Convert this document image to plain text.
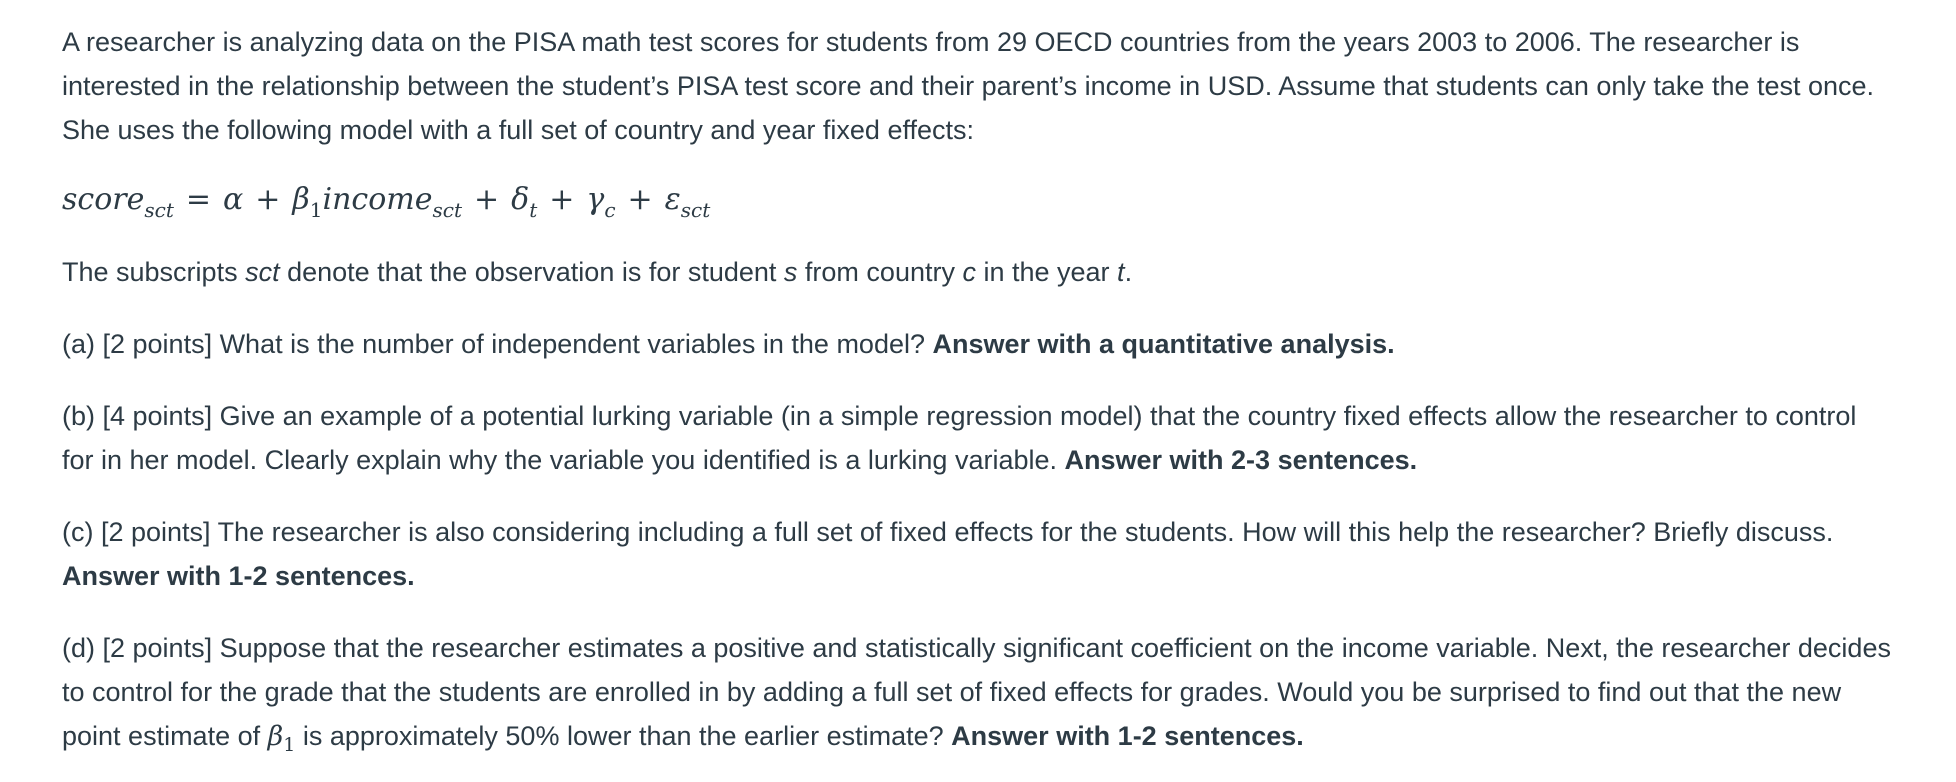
A researcher is analyzing data on the PISA math test scores for students from 29 OECD countries from the years 2003 to 2006. The researcher is interested in the relationship between the student’s PISA test score and their parent’s income in USD. Assume that students can only take the test once. She uses the following model with a full set of country and year fixed effects:

score$_{sct}$ = $\alpha + \beta_1income_{sct} + \delta_t + \gamma_c + \varepsilon_{sct}$

The subscripts sct denote that the observation is for student s from country c in the year t.

(a) [2 points] What is the number of independent variables in the model? Answer with a quantitative analysis.

(b) [4 points] Give an example of a potential lurking variable (in a simple regression model) that the country fixed effects allow the researcher to control for in her model. Clearly explain why the variable you identified is a lurking variable. Answer with 2-3 sentences.

(c) [2 points] The researcher is also considering including a full set of fixed effects for the students. How will this help the researcher? Briefly discuss. Answer with 1-2 sentences.

(d) [2 points] Suppose that the researcher estimates a positive and statistically significant coefficient on the income variable. Next, the researcher decides to control for the grade that the students are enrolled in by adding a full set of fixed effects for grades. Would you be surprised to find out that the new point estimate of $\beta_1$ is approximately 50% lower than the earlier estimate? Answer with 1-2 sentences.
